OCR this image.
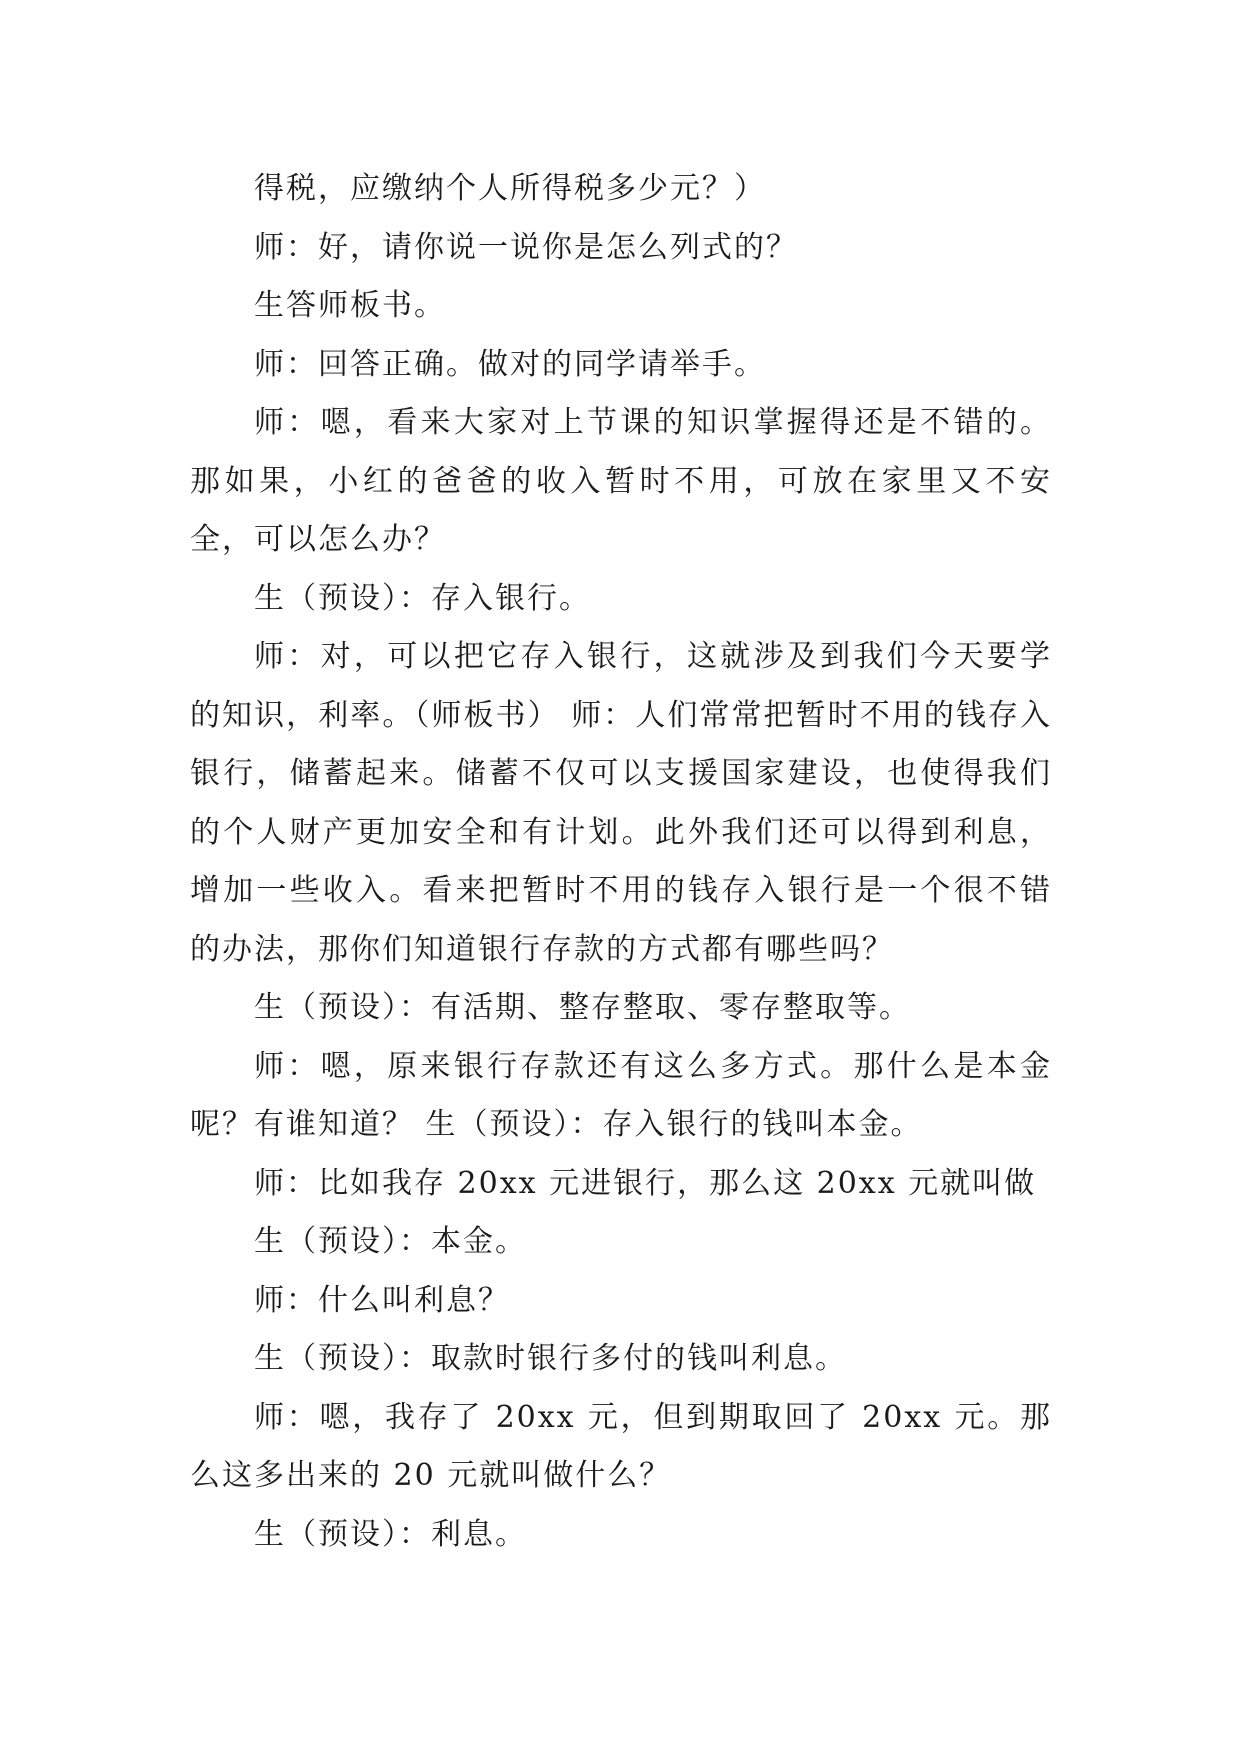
得税，应缴纳个人所得税多少元？）

师：好，请你说一说你是怎么列式的？

生答师板书。

师：回答正确。做对的同学请举手。

师：嗯，看来大家对上节课的知识掌握得还是不错的。那如果，小红的爸爸的收入暂时不用，可放在家里又不安全，可以怎么办？

生（预设）：存入银行。

师：对，可以把它存入银行，这就涉及到我们今天要学的知识，利率。（师板书） 师：人们常常把暂时不用的钱存入银行，储蓄起来。储蓄不仅可以支援国家建设，也使得我们的个人财产更加安全和有计划。此外我们还可以得到利息，增加一些收入。看来把暂时不用的钱存入银行是一个很不错的办法，那你们知道银行存款的方式都有哪些吗？

生（预设）：有活期、整存整取、零存整取等。

师：嗯，原来银行存款还有这么多方式。那什么是本金呢？有谁知道？ 生（预设）：存入银行的钱叫本金。

师：比如我存 20xx 元进银行，那么这 20xx 元就叫做

生（预设）：本金。

师：什么叫利息？

生（预设）：取款时银行多付的钱叫利息。

师：嗯，我存了 20xx 元，但到期取回了 20xx 元。那么这多出来的 20 元就叫做什么？

生（预设）：利息。
